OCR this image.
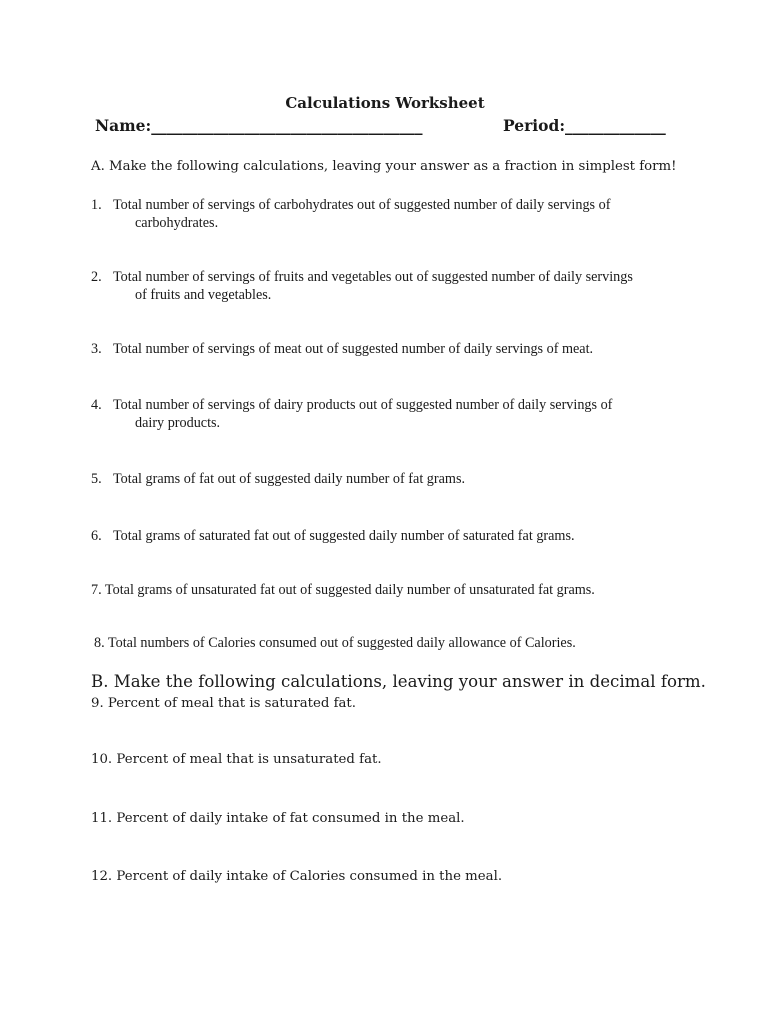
Calculations Worksheet
Name:___________________________________	Period:_____________
A. Make the following calculations, leaving your answer as a fraction in simplest form!
1. Total number of servings of carbohydrates out of suggested number of daily servings of
carbohydrates.
2. Total number of servings of fruits and vegetables out of suggested number of daily servings
of fruits and vegetables.
3. Total number of servings of meat out of suggested number of daily servings of meat.
4. Total number of servings of dairy products out of suggested number of daily servings of
dairy products.
5. Total grams of fat out of suggested daily number of fat grams.
6. Total grams of saturated fat out of suggested daily number of saturated fat grams.
7. Total grams of unsaturated fat out of suggested daily number of unsaturated fat grams.
8. Total numbers of Calories consumed out of suggested daily allowance of Calories.
B. Make the following calculations, leaving your answer in decimal form.
9. Percent of meal that is saturated fat.
10. Percent of meal that is unsaturated fat.
11. Percent of daily intake of fat consumed in the meal.
12. Percent of daily intake of Calories consumed in the meal.
